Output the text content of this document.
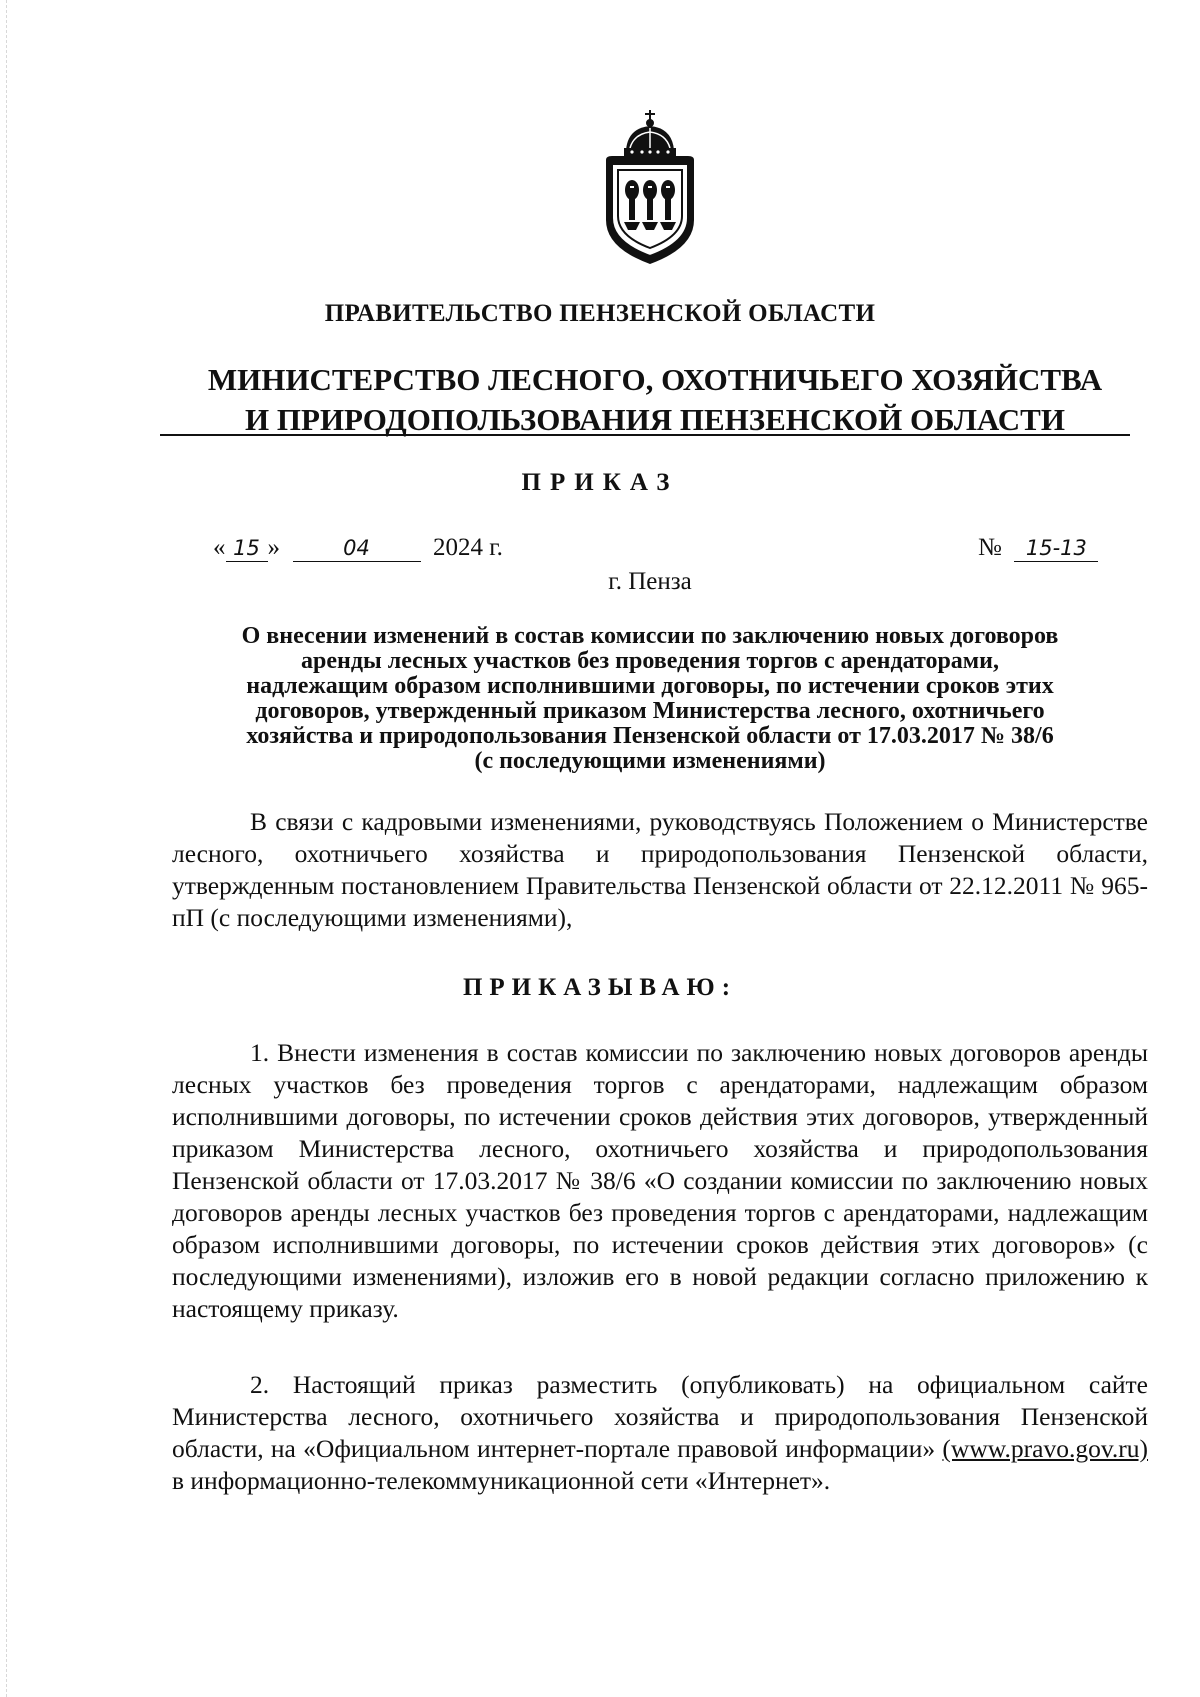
ПРАВИТЕЛЬСТВО ПЕНЗЕНСКОЙ ОБЛАСТИ
МИНИСТЕРСТВО ЛЕСНОГО, ОХОТНИЧЬЕГО ХОЗЯЙСТВА
И ПРИРОДОПОЛЬЗОВАНИЯ ПЕНЗЕНСКОЙ ОБЛАСТИ
ПРИКАЗ
« 15 »	04	2024 г.	№ 15-13
г. Пенза
О внесении изменений в состав комиссии по заключению новых договоров
аренды лесных участков без проведения торгов с арендаторами,
надлежащим образом исполнившими договоры, по истечении сроков этих
договоров, утвержденный приказом Министерства лесного, охотничьего
хозяйства и природопользования Пензенской области от 17.03.2017 № 38/6
(с последующими изменениями)
В связи с кадровыми изменениями, руководствуясь Положением о Министерстве лесного, охотничьего хозяйства и природопользования Пензенской области, утвержденным постановлением Правительства Пензенской области от 22.12.2011 № 965-пП (с последующими изменениями),
ПРИКАЗЫВАЮ:
1. Внести изменения в состав комиссии по заключению новых договоров аренды лесных участков без проведения торгов с арендаторами, надлежащим образом исполнившими договоры, по истечении сроков действия этих договоров, утвержденный приказом Министерства лесного, охотничьего хозяйства и природопользования Пензенской области от 17.03.2017 № 38/6 «О создании комиссии по заключению новых договоров аренды лесных участков без проведения торгов с арендаторами, надлежащим образом исполнившими договоры, по истечении сроков действия этих договоров» (с последующими изменениями), изложив его в новой редакции согласно приложению к настоящему приказу.
2. Настоящий приказ разместить (опубликовать) на официальном сайте Министерства лесного, охотничьего хозяйства и природопользования Пензенской области, на «Официальном интернет-портале правовой информации» (www.pravo.gov.ru) в информационно-телекоммуникационной сети «Интернет».
